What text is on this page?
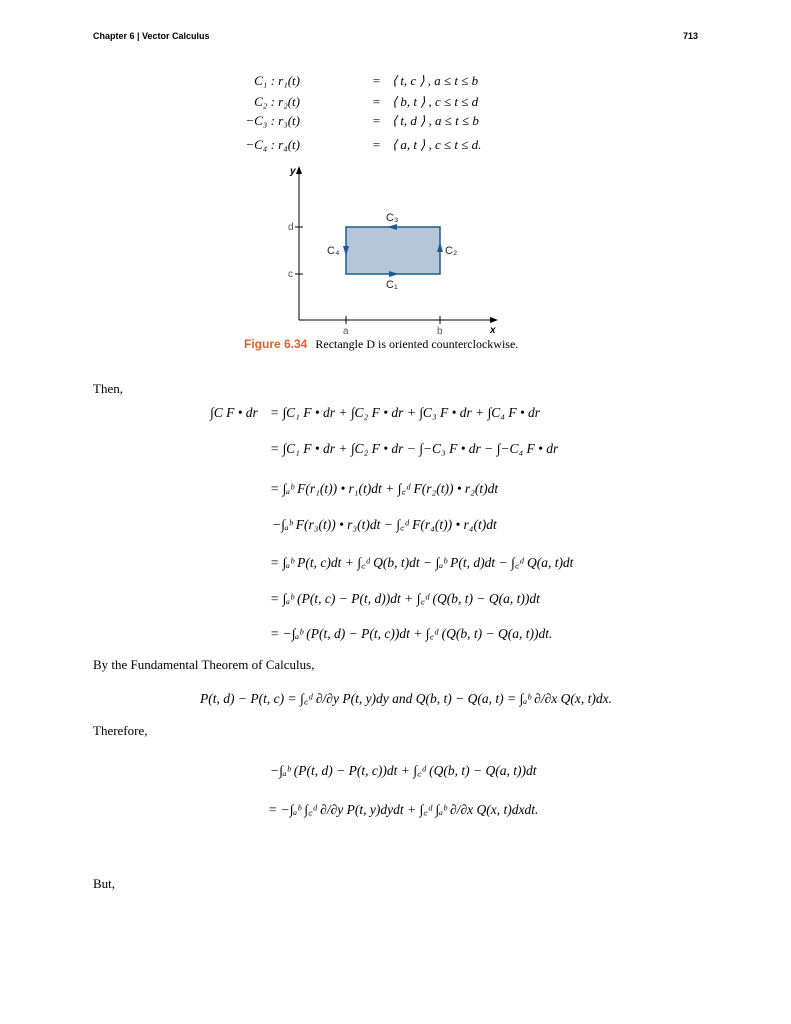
Chapter 6 | Vector Calculus	713
C₁ : r₁(t)	= ⟨ t, c ⟩ , a ≤ t ≤ b
C₂ : r₂(t)	= ⟨ b, t ⟩ , c ≤ t ≤ d
−C₃ : r₃(t)	= ⟨ t, d ⟩ , a ≤ t ≤ b
−C₄ : r₄(t)	= ⟨ a, t ⟩ , c ≤ t ≤ d.
y
x
a	b
c
d
C₁
C₂
C₃
C₄
Figure 6.34 Rectangle D is oriented counterclockwise.
Then,
∫C F • dr = ∫C₁ F • dr + ∫C₂ F • dr + ∫C₃ F • dr + ∫C₄ F • dr
= ∫C₁ F • dr + ∫C₂ F • dr − ∫−C₃ F • dr − ∫−C₄ F • dr
= ∫ₐᵇ F(r₁(t)) • r₁(t)dt + ∫꜀ᵈ F(r₂(t)) • r₂(t)dt
−∫ₐᵇ F(r₃(t)) • r₃(t)dt − ∫꜀ᵈ F(r₄(t)) • r₄(t)dt
= ∫ₐᵇ P(t, c)dt + ∫꜀ᵈ Q(b, t)dt − ∫ₐᵇ P(t, d)dt − ∫꜀ᵈ Q(a, t)dt
= ∫ₐᵇ (P(t, c) − P(t, d))dt + ∫꜀ᵈ (Q(b, t) − Q(a, t))dt
= −∫ₐᵇ (P(t, d) − P(t, c))dt + ∫꜀ᵈ (Q(b, t) − Q(a, t))dt.
By the Fundamental Theorem of Calculus,
P(t, d) − P(t, c) = ∫꜀ᵈ ∂/∂y P(t, y)dy and Q(b, t) − Q(a, t) = ∫ₐᵇ ∂/∂x Q(x, t)dx.
Therefore,
−∫ₐᵇ (P(t, d) − P(t, c))dt + ∫꜀ᵈ (Q(b, t) − Q(a, t))dt
= −∫ₐᵇ ∫꜀ᵈ ∂/∂y P(t, y)dydt + ∫꜀ᵈ ∫ₐᵇ ∂/∂x Q(x, t)dxdt.
But,
